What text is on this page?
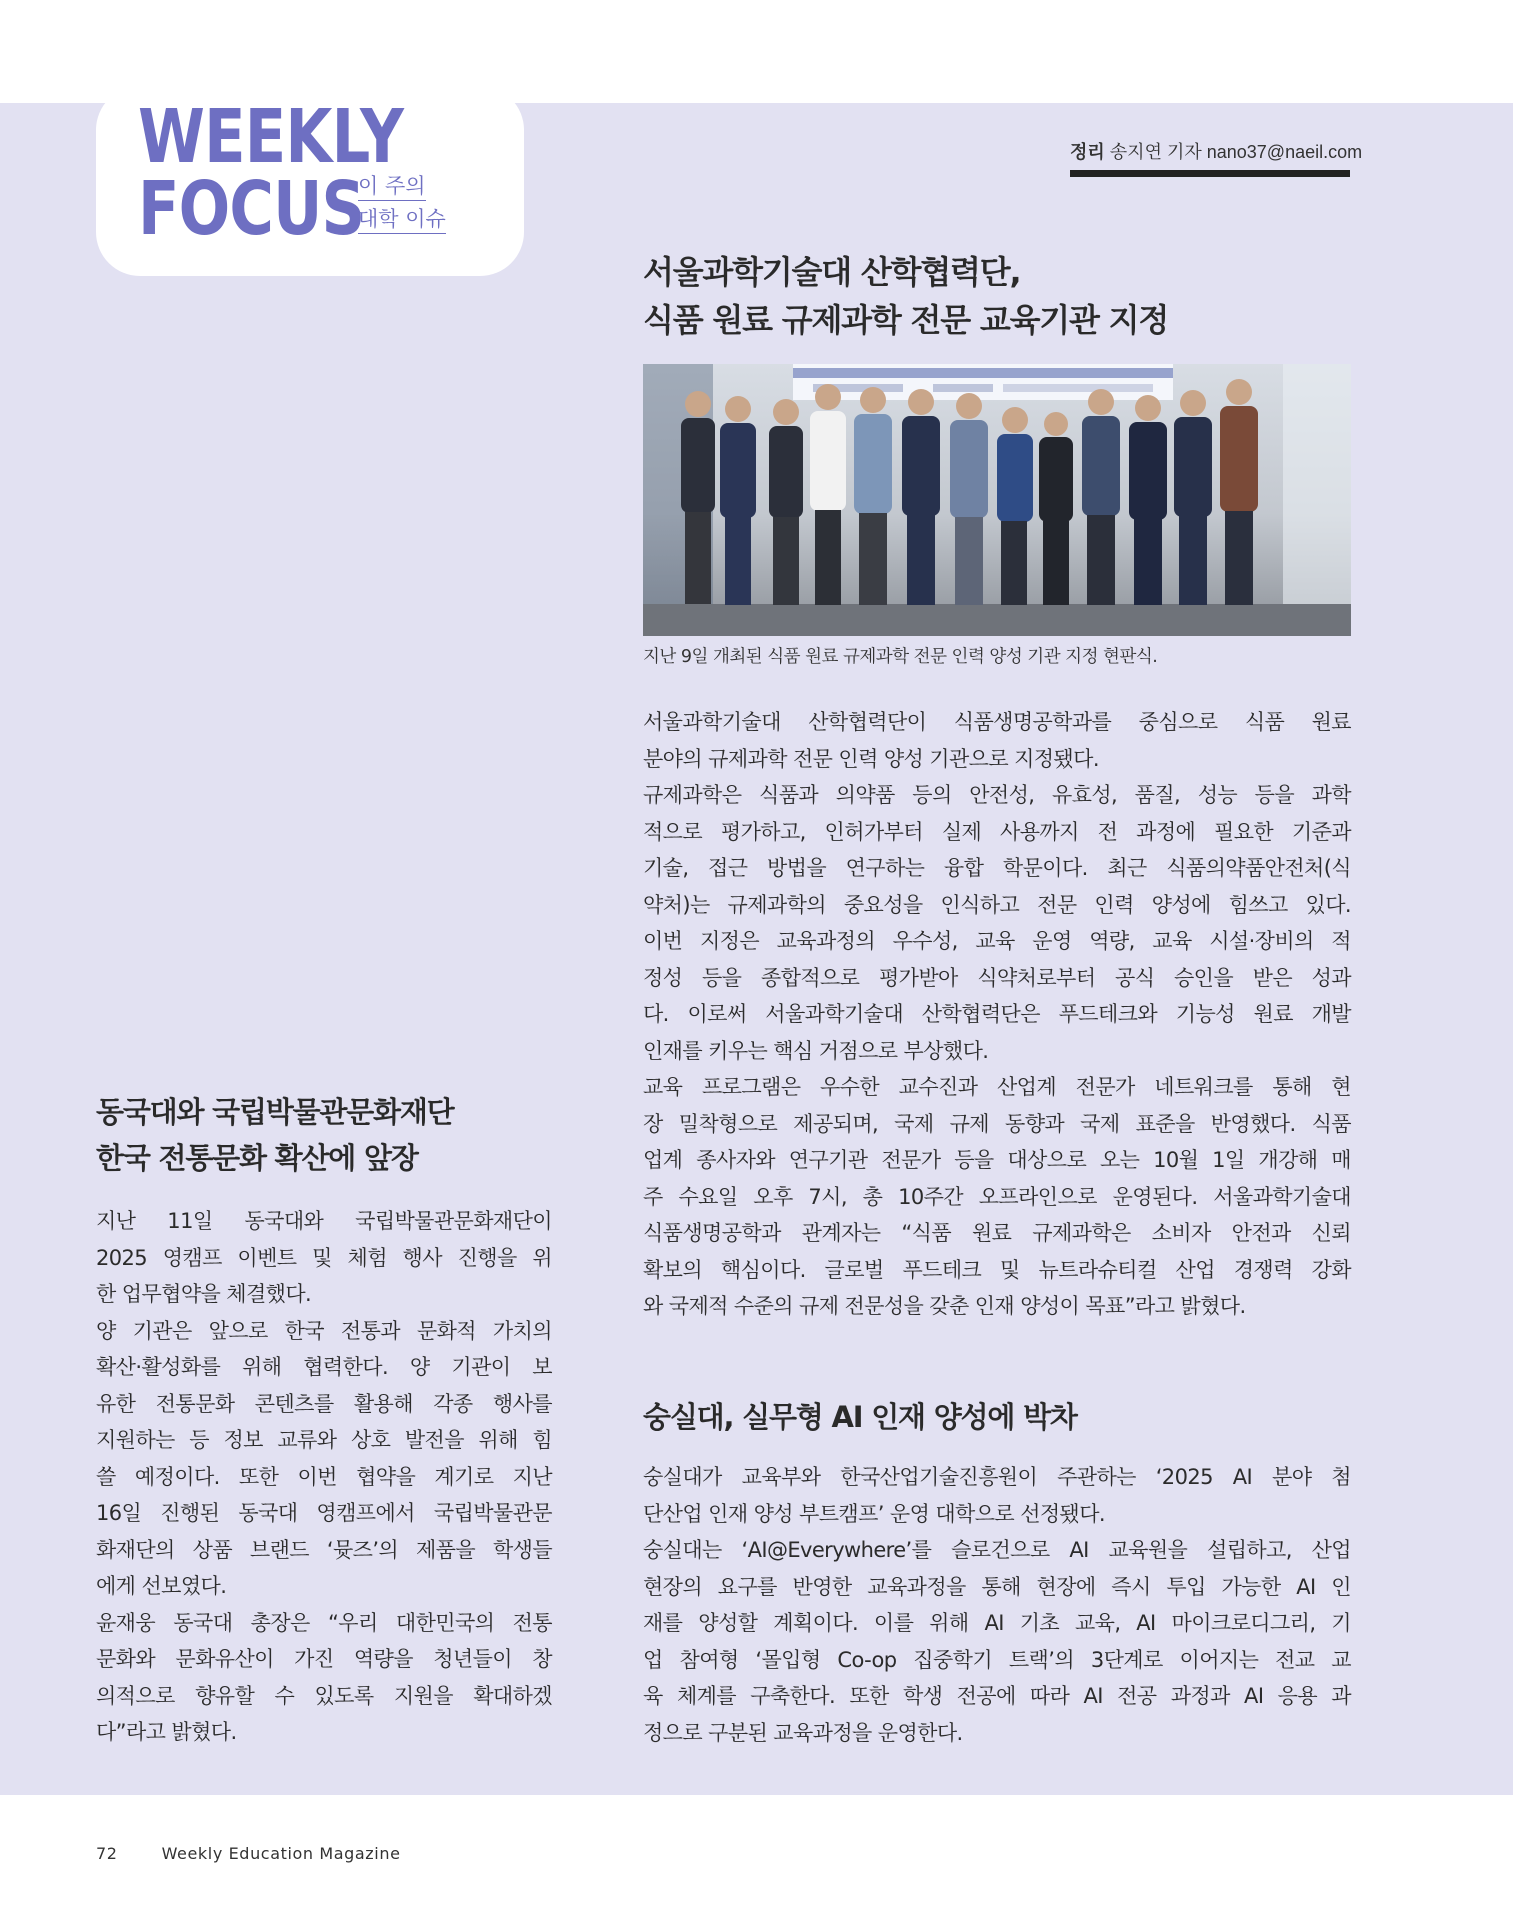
WEEKLY
FOCUS
이 주의
대학 이슈
정리 송지연 기자 nano37@naeil.com
서울과학기술대 산학협력단,
식품 원료 규제과학 전문 교육기관 지정
지난 9일 개최된 식품 원료 규제과학 전문 인력 양성 기관 지정 현판식.

서울과학기술대 산학협력단이 식품생명공학과를 중심으로 식품 원료

분야의 규제과학 전문 인력 양성 기관으로 지정됐다.

규제과학은 식품과 의약품 등의 안전성, 유효성, 품질, 성능 등을 과학

적으로 평가하고, 인허가부터 실제 사용까지 전 과정에 필요한 기준과

기술, 접근 방법을 연구하는 융합 학문이다. 최근 식품의약품안전처(식

약처)는 규제과학의 중요성을 인식하고 전문 인력 양성에 힘쓰고 있다.

이번 지정은 교육과정의 우수성, 교육 운영 역량, 교육 시설·장비의 적

정성 등을 종합적으로 평가받아 식약처로부터 공식 승인을 받은 성과

다. 이로써 서울과학기술대 산학협력단은 푸드테크와 기능성 원료 개발

인재를 키우는 핵심 거점으로 부상했다.

교육 프로그램은 우수한 교수진과 산업계 전문가 네트워크를 통해 현

장 밀착형으로 제공되며, 국제 규제 동향과 국제 표준을 반영했다. 식품

업계 종사자와 연구기관 전문가 등을 대상으로 오는 10월 1일 개강해 매

주 수요일 오후 7시, 총 10주간 오프라인으로 운영된다. 서울과학기술대

식품생명공학과 관계자는 “식품 원료 규제과학은 소비자 안전과 신뢰

확보의 핵심이다. 글로벌 푸드테크 및 뉴트라슈티컬 산업 경쟁력 강화

와 국제적 수준의 규제 전문성을 갖춘 인재 양성이 목표”라고 밝혔다.

동국대와 국립박물관문화재단
한국 전통문화 확산에 앞장

지난 11일 동국대와 국립박물관문화재단이

2025 영캠프 이벤트 및 체험 행사 진행을 위

한 업무협약을 체결했다.

양 기관은 앞으로 한국 전통과 문화적 가치의

확산·활성화를 위해 협력한다. 양 기관이 보

유한 전통문화 콘텐츠를 활용해 각종 행사를

지원하는 등 정보 교류와 상호 발전을 위해 힘

쓸 예정이다. 또한 이번 협약을 계기로 지난

16일 진행된 동국대 영캠프에서 국립박물관문

화재단의 상품 브랜드 ‘뮷즈’의 제품을 학생들

에게 선보였다.

윤재웅 동국대 총장은 “우리 대한민국의 전통

문화와 문화유산이 가진 역량을 청년들이 창

의적으로 향유할 수 있도록 지원을 확대하겠

다”라고 밝혔다.

숭실대, 실무형 AI 인재 양성에 박차

숭실대가 교육부와 한국산업기술진흥원이 주관하는 ‘2025 AI 분야 첨

단산업 인재 양성 부트캠프’ 운영 대학으로 선정됐다.

숭실대는 ‘AI@Everywhere’를 슬로건으로 AI 교육원을 설립하고, 산업

현장의 요구를 반영한 교육과정을 통해 현장에 즉시 투입 가능한 AI 인

재를 양성할 계획이다. 이를 위해 AI 기초 교육, AI 마이크로디그리, 기

업 참여형 ‘몰입형 Co-op 집중학기 트랙’의 3단계로 이어지는 전교 교

육 체계를 구축한다. 또한 학생 전공에 따라 AI 전공 과정과 AI 응용 과

정으로 구분된 교육과정을 운영한다.

72	Weekly Education Magazine
